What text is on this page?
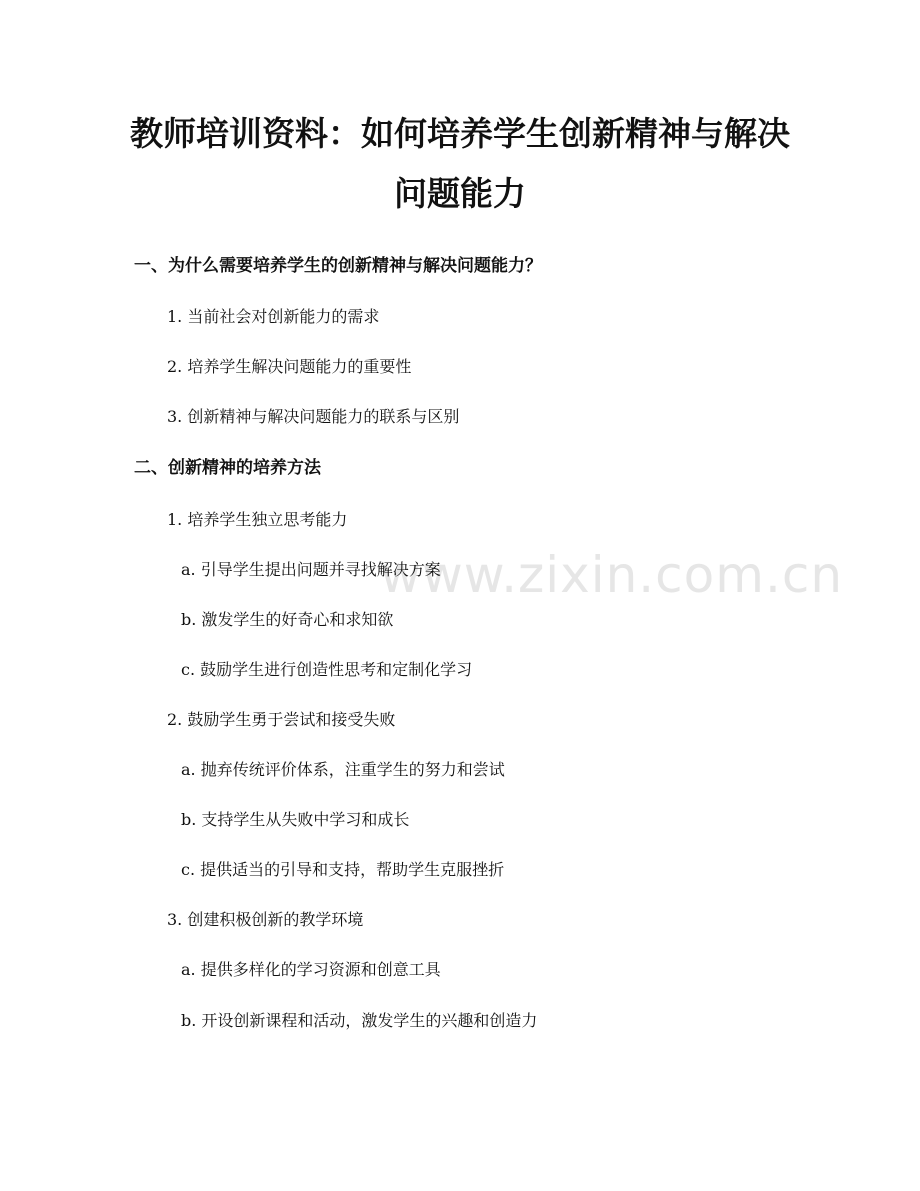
www.zixin.com.cn
教师培训资料：如何培养学生创新精神与解决问题能力
一、为什么需要培养学生的创新精神与解决问题能力？
1. 当前社会对创新能力的需求
2. 培养学生解决问题能力的重要性
3. 创新精神与解决问题能力的联系与区别
二、创新精神的培养方法
1. 培养学生独立思考能力
a. 引导学生提出问题并寻找解决方案
b. 激发学生的好奇心和求知欲
c. 鼓励学生进行创造性思考和定制化学习
2. 鼓励学生勇于尝试和接受失败
a. 抛弃传统评价体系，注重学生的努力和尝试
b. 支持学生从失败中学习和成长
c. 提供适当的引导和支持，帮助学生克服挫折
3. 创建积极创新的教学环境
a. 提供多样化的学习资源和创意工具
b. 开设创新课程和活动，激发学生的兴趣和创造力
